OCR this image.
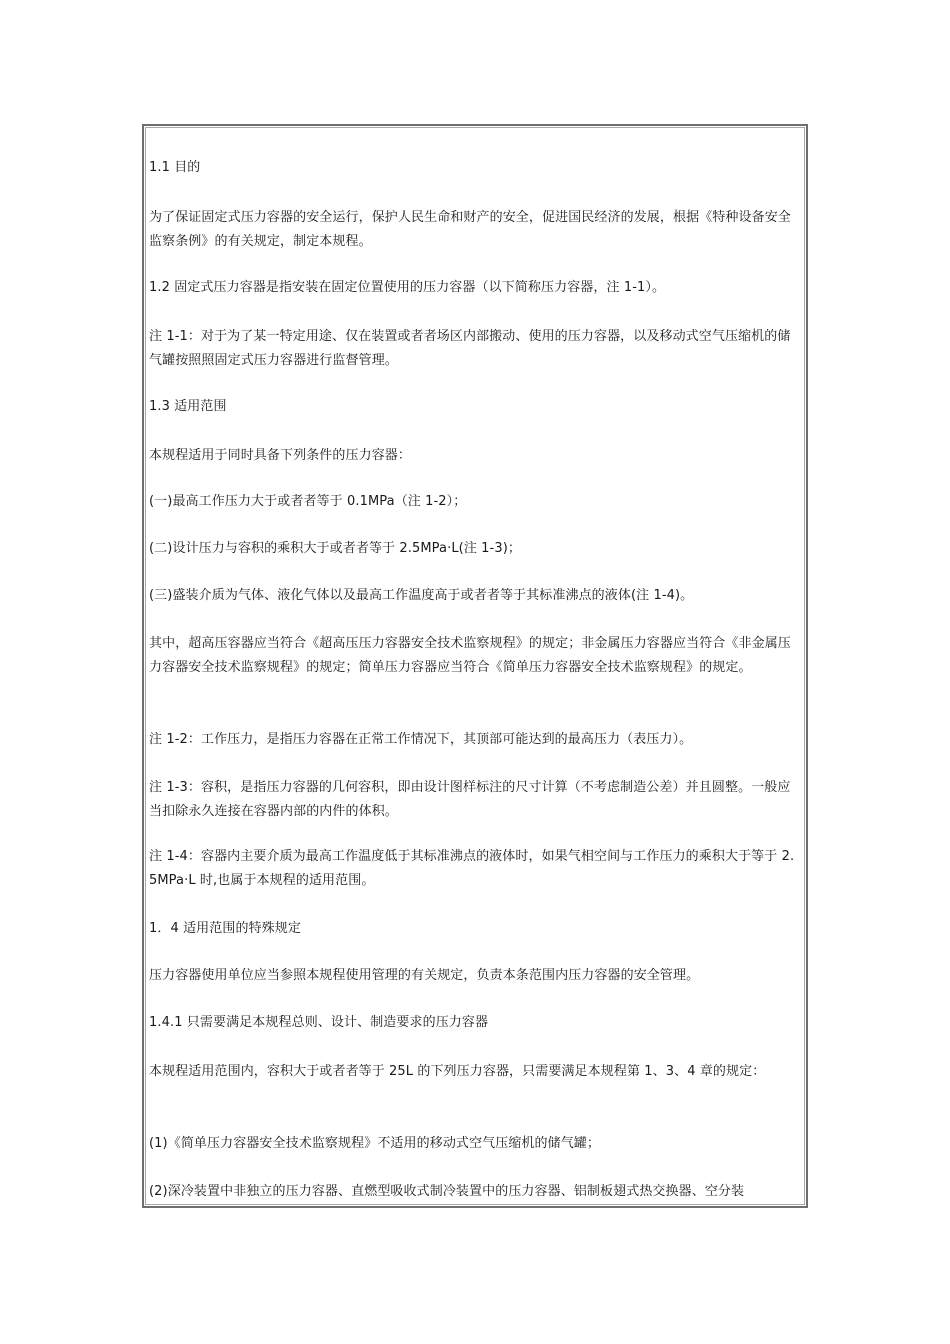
1.1 目的

为了保证固定式压力容器的安全运行，保护人民生命和财产的安全，促进国民经济的发展，根据《特种设备安全监察条例》的有关规定，制定本规程。

1.2 固定式压力容器是指安装在固定位置使用的压力容器（以下简称压力容器，注 1-1）。

注 1-1：对于为了某一特定用途、仅在装置或者者场区内部搬动、使用的压力容器，以及移动式空气压缩机的储气罐按照照固定式压力容器进行监督管理。

1.3 适用范围

本规程适用于同时具备下列条件的压力容器：

(一)最高工作压力大于或者者等于 0.1MPa（注 1-2）；

(二)设计压力与容积的乘积大于或者者等于 2.5MPa·L(注 1-3)；

(三)盛装介质为气体、液化气体以及最高工作温度高于或者者等于其标准沸点的液体(注 1-4)。

其中，超高压容器应当符合《超高压压力容器安全技术监察规程》的规定；非金属压力容器应当符合《非金属压力容器安全技术监察规程》的规定；简单压力容器应当符合《简单压力容器安全技术监察规程》的规定。

注 1-2：工作压力，是指压力容器在正常工作情况下，其顶部可能达到的最高压力（表压力）。

注 1-3：容积，是指压力容器的几何容积，即由设计图样标注的尺寸计算（不考虑制造公差）并且圆整。一般应当扣除永久连接在容器内部的内件的体积。

注 1-4：容器内主要介质为最高工作温度低于其标准沸点的液体时，如果气相空间与工作压力的乘积大于等于 2.5MPa·L 时,也属于本规程的适用范围。

1．4 适用范围的特殊规定

压力容器使用单位应当参照本规程使用管理的有关规定，负责本条范围内压力容器的安全管理。

1.4.1 只需要满足本规程总则、设计、制造要求的压力容器

本规程适用范围内，容积大于或者者等于 25L 的下列压力容器，只需要满足本规程第 1、3、4 章的规定：

(1)《简单压力容器安全技术监察规程》不适用的移动式空气压缩机的储气罐；

(2)深冷装置中非独立的压力容器、直燃型吸收式制冷装置中的压力容器、铝制板翅式热交换器、空分装
